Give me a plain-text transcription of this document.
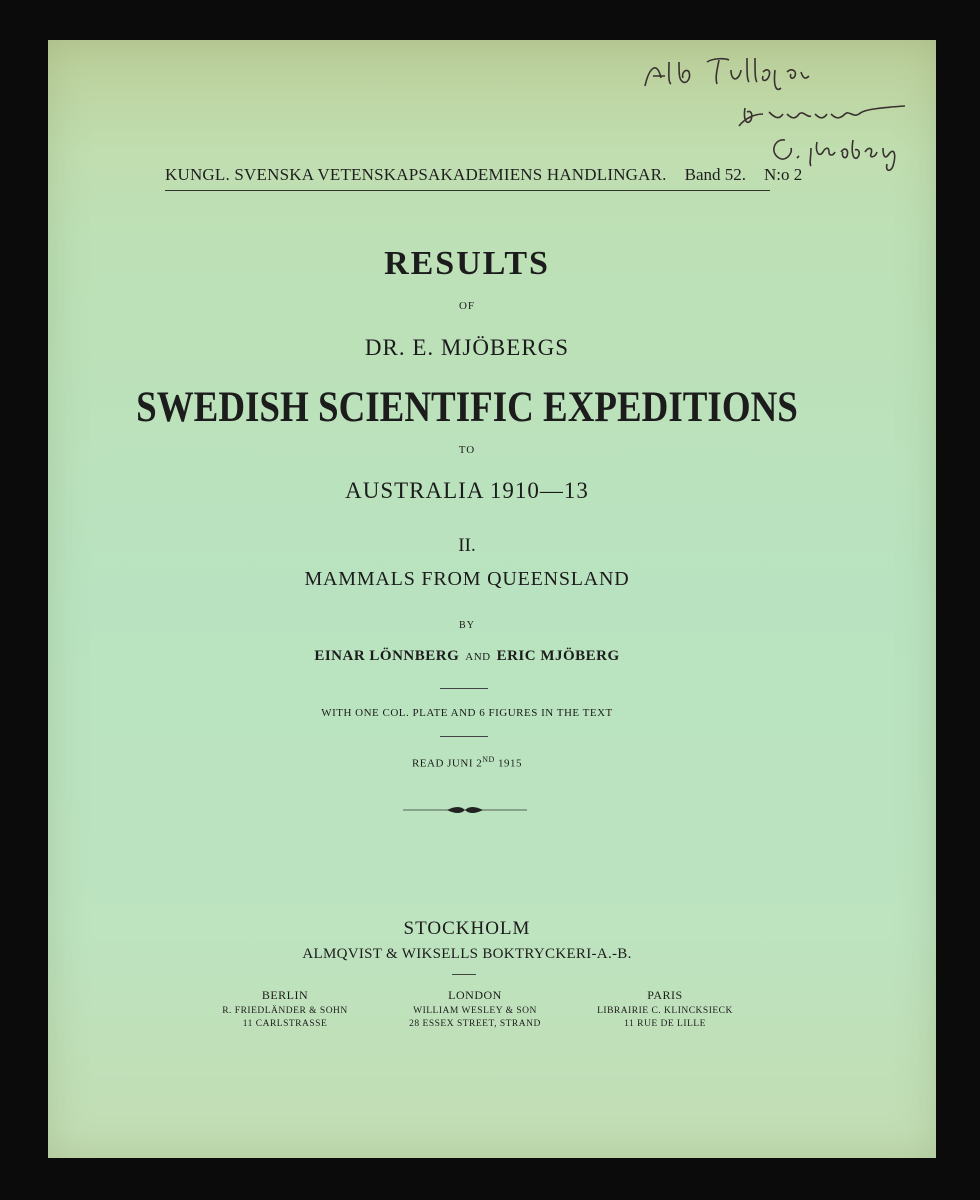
KUNGL. SVENSKA VETENSKAPSAKADEMIENS HANDLINGAR. Band 52. N:o 2

RESULTS

OF

DR. E. MJÖBERGS

SWEDISH SCIENTIFIC EXPEDITIONS

TO

AUSTRALIA 1910—13

II.

MAMMALS FROM QUEENSLAND

BY

EINAR LÖNNBERG AND ERIC MJÖBERG

WITH ONE COL. PLATE AND 6 FIGURES IN THE TEXT

READ JUNI 2ND 1915

STOCKHOLM

ALMQVIST & WIKSELLS BOKTRYCKERI-A.-B.

BERLIN
R. FRIEDLÄNDER & SOHN
11 CARLSTRASSE
LONDON
WILLIAM WESLEY & SON
28 ESSEX STREET, STRAND
PARIS
LIBRAIRIE C. KLINCKSIECK
11 RUE DE LILLE
